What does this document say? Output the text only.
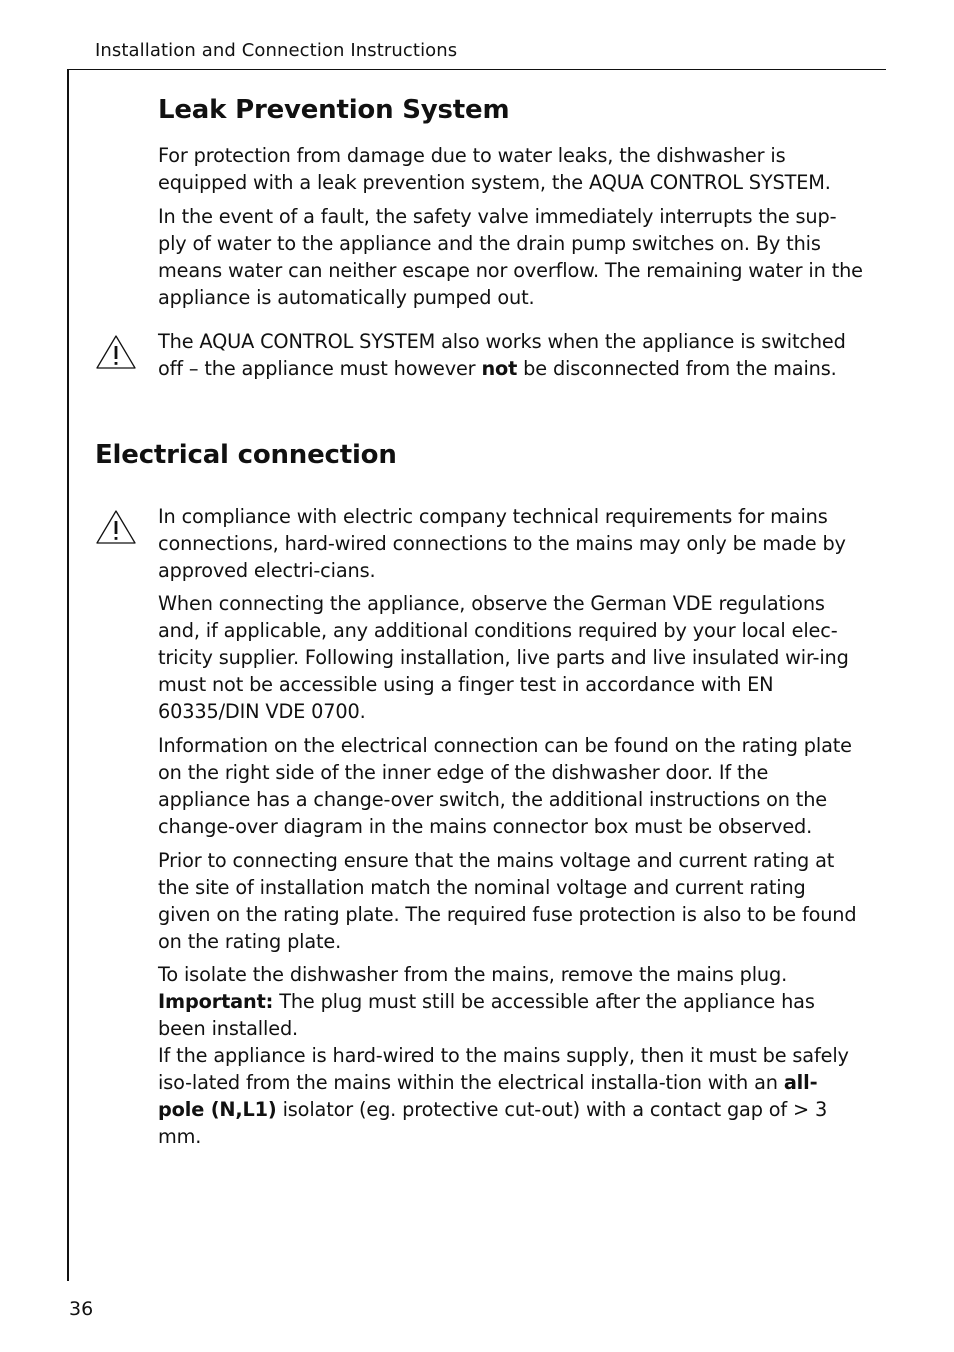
Installation and Connection Instructions
Leak Prevention System

For protection from damage due to water leaks, the dishwasher is equipped with a leak prevention system, the AQUA CONTROL SYSTEM.

In the event of a fault, the safety valve immediately interrupts the sup-ply of water to the appliance and the drain pump switches on. By this means water can neither escape nor overflow. The remaining water in the appliance is automatically pumped out.

The AQUA CONTROL SYSTEM also works when the appliance is switched off – the appliance must however not be disconnected from the mains.

Electrical connection

In compliance with electric company technical requirements for mains connections, hard-wired connections to the mains may only be made by approved electri-cians.

When connecting the appliance, observe the German VDE regulations and, if applicable, any additional conditions required by your local elec-tricity supplier. Following installation, live parts and live insulated wir-ing must not be accessible using a finger test in accordance with EN 60335/DIN VDE 0700.

Information on the electrical connection can be found on the rating plate on the right side of the inner edge of the dishwasher door. If the appliance has a change-over switch, the additional instructions on the change-over diagram in the mains connector box must be observed.

Prior to connecting ensure that the mains voltage and current rating at the site of installation match the nominal voltage and current rating given on the rating plate. The required fuse protection is also to be found on the rating plate.

To isolate the dishwasher from the mains, remove the mains plug.
Important: The plug must still be accessible after the appliance has been installed.
If the appliance is hard-wired to the mains supply, then it must be safely iso-lated from the mains within the electrical installa-tion with an all-pole (N,L1) isolator (eg. protective cut-out) with a contact gap of > 3 mm.

36
